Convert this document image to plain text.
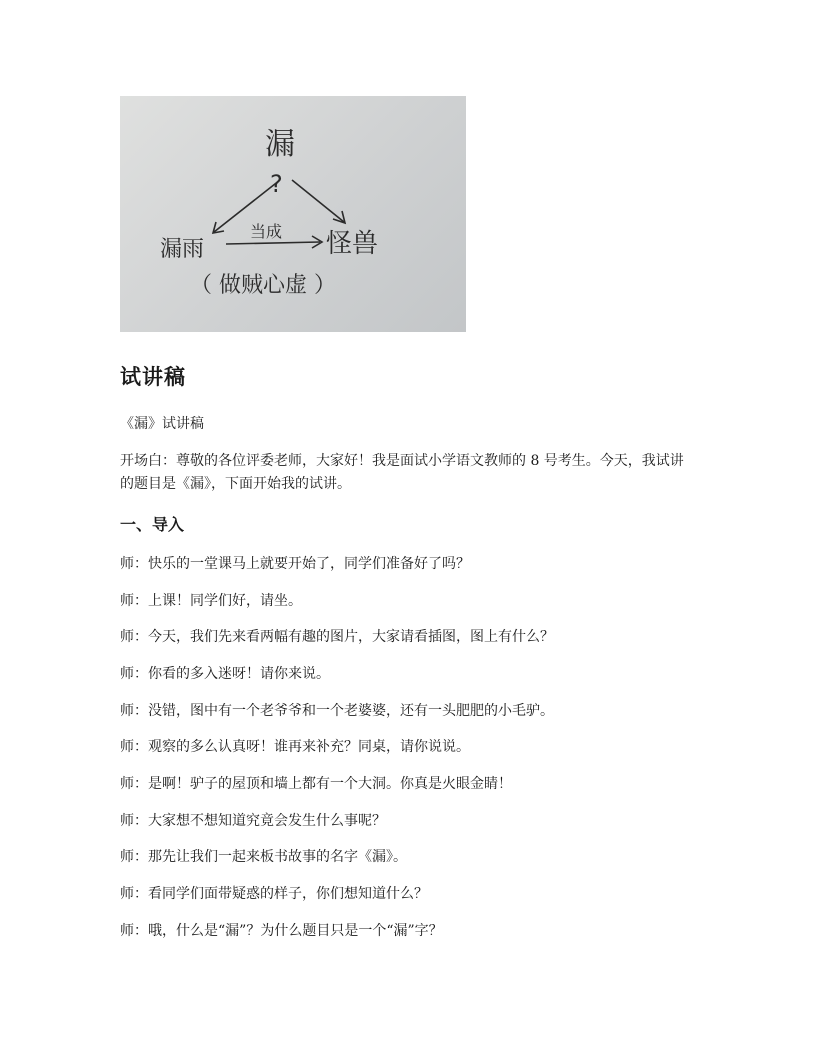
漏
?
漏雨
当成 怪兽
（ 做贼心虚 ）
试讲稿
《漏》试讲稿
开场白：尊敬的各位评委老师，大家好！我是面试小学语文教师的 8 号考生。今天，我试讲的题目是《漏》，下面开始我的试讲。
一、导入
师：快乐的一堂课马上就要开始了，同学们准备好了吗？
师：上课！同学们好，请坐。
师：今天，我们先来看两幅有趣的图片，大家请看插图，图上有什么？
师：你看的多入迷呀！请你来说。
师：没错，图中有一个老爷爷和一个老婆婆，还有一头肥肥的小毛驴。
师：观察的多么认真呀！谁再来补充？同桌，请你说说。
师：是啊！驴子的屋顶和墙上都有一个大洞。你真是火眼金睛！
师：大家想不想知道究竟会发生什么事呢？
师：那先让我们一起来板书故事的名字《漏》。
师：看同学们面带疑惑的样子，你们想知道什么？
师：哦，什么是“漏”？为什么题目只是一个“漏”字？
